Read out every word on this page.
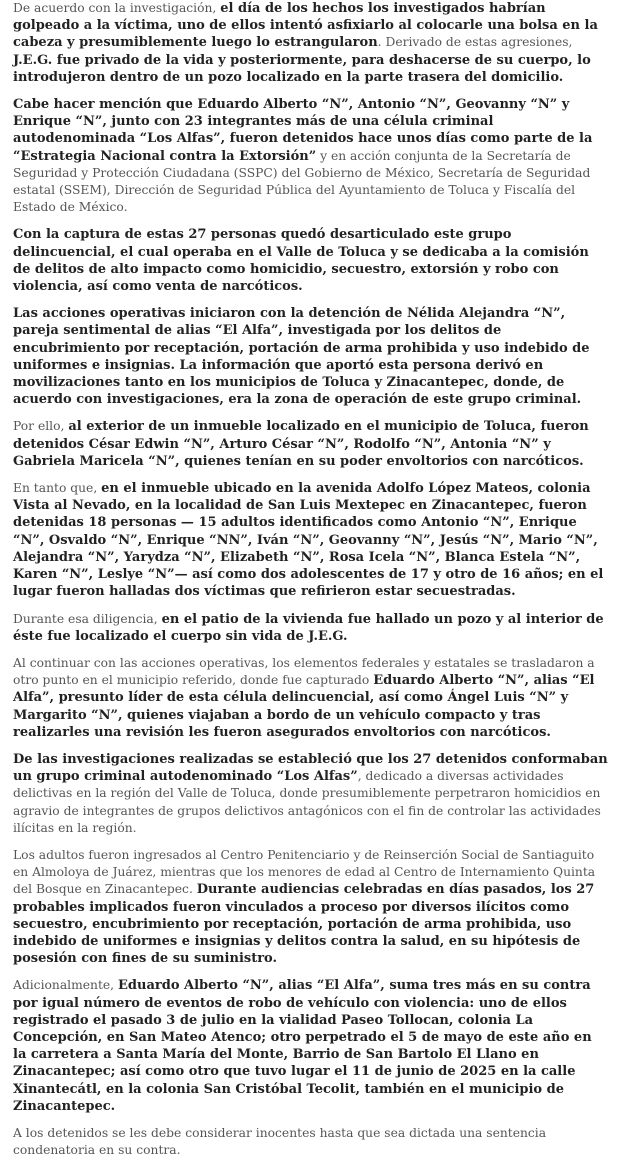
De acuerdo con la investigación, el día de los hechos los investigados habrían golpeado a la víctima, uno de ellos intentó asfixiarlo al colocarle una bolsa en la cabeza y presumiblemente luego lo estrangularon. Derivado de estas agresiones, J.E.G. fue privado de la vida y posteriormente, para deshacerse de su cuerpo, lo introdujeron dentro de un pozo localizado en la parte trasera del domicilio.

Cabe hacer mención que Eduardo Alberto “N”, Antonio “N”, Geovanny “N” y Enrique “N”, junto con 23 integrantes más de una célula criminal autodenominada “Los Alfas”, fueron detenidos hace unos días como parte de la “Estrategia Nacional contra la Extorsión” y en acción conjunta de la Secretaría de Seguridad y Protección Ciudadana (SSPC) del Gobierno de México, Secretaría de Seguridad estatal (SSEM), Dirección de Seguridad Pública del Ayuntamiento de Toluca y Fiscalía del Estado de México.

Con la captura de estas 27 personas quedó desarticulado este grupo delincuencial, el cual operaba en el Valle de Toluca y se dedicaba a la comisión de delitos de alto impacto como homicidio, secuestro, extorsión y robo con violencia, así como venta de narcóticos.

Las acciones operativas iniciaron con la detención de Nélida Alejandra “N”, pareja sentimental de alias “El Alfa”, investigada por los delitos de encubrimiento por receptación, portación de arma prohibida y uso indebido de uniformes e insignias. La información que aportó esta persona derivó en movilizaciones tanto en los municipios de Toluca y Zinacantepec, donde, de acuerdo con investigaciones, era la zona de operación de este grupo criminal.

Por ello, al exterior de un inmueble localizado en el municipio de Toluca, fueron detenidos César Edwin “N”, Arturo César “N”, Rodolfo “N”, Antonia “N” y Gabriela Maricela “N”, quienes tenían en su poder envoltorios con narcóticos.

En tanto que, en el inmueble ubicado en la avenida Adolfo López Mateos, colonia Vista al Nevado, en la localidad de San Luis Mextepec en Zinacantepec, fueron detenidas 18 personas — 15 adultos identificados como Antonio “N”, Enrique “N”, Osvaldo “N”, Enrique “NN”, Iván “N”, Geovanny “N”, Jesús “N”, Mario “N”, Alejandra “N”, Yarydza “N”, Elizabeth “N”, Rosa Icela “N”, Blanca Estela “N”, Karen “N”, Leslye “N”— así como dos adolescentes de 17 y otro de 16 años; en el lugar fueron halladas dos víctimas que refirieron estar secuestradas.

Durante esa diligencia, en el patio de la vivienda fue hallado un pozo y al interior de éste fue localizado el cuerpo sin vida de J.E.G.

Al continuar con las acciones operativas, los elementos federales y estatales se trasladaron a otro punto en el municipio referido, donde fue capturado Eduardo Alberto “N”, alias “El Alfa”, presunto líder de esta célula delincuencial, así como Ángel Luis “N” y Margarito “N”, quienes viajaban a bordo de un vehículo compacto y tras realizarles una revisión les fueron asegurados envoltorios con narcóticos.

De las investigaciones realizadas se estableció que los 27 detenidos conformaban un grupo criminal autodenominado “Los Alfas”, dedicado a diversas actividades delictivas en la región del Valle de Toluca, donde presumiblemente perpetraron homicidios en agravio de integrantes de grupos delictivos antagónicos con el fin de controlar las actividades ilícitas en la región.

Los adultos fueron ingresados al Centro Penitenciario y de Reinserción Social de Santiaguito en Almoloya de Juárez, mientras que los menores de edad al Centro de Internamiento Quinta del Bosque en Zinacantepec. Durante audiencias celebradas en días pasados, los 27 probables implicados fueron vinculados a proceso por diversos ilícitos como secuestro, encubrimiento por receptación, portación de arma prohibida, uso indebido de uniformes e insignias y delitos contra la salud, en su hipótesis de posesión con fines de su suministro.

Adicionalmente, Eduardo Alberto “N”, alias “El Alfa”, suma tres más en su contra por igual número de eventos de robo de vehículo con violencia: uno de ellos registrado el pasado 3 de julio en la vialidad Paseo Tollocan, colonia La Concepción, en San Mateo Atenco; otro perpetrado el 5 de mayo de este año en la carretera a Santa María del Monte, Barrio de San Bartolo El Llano en Zinacantepec; así como otro que tuvo lugar el 11 de junio de 2025 en la calle Xinantecátl, en la colonia San Cristóbal Tecolit, también en el municipio de Zinacantepec.

A los detenidos se les debe considerar inocentes hasta que sea dictada una sentencia condenatoria en su contra.
